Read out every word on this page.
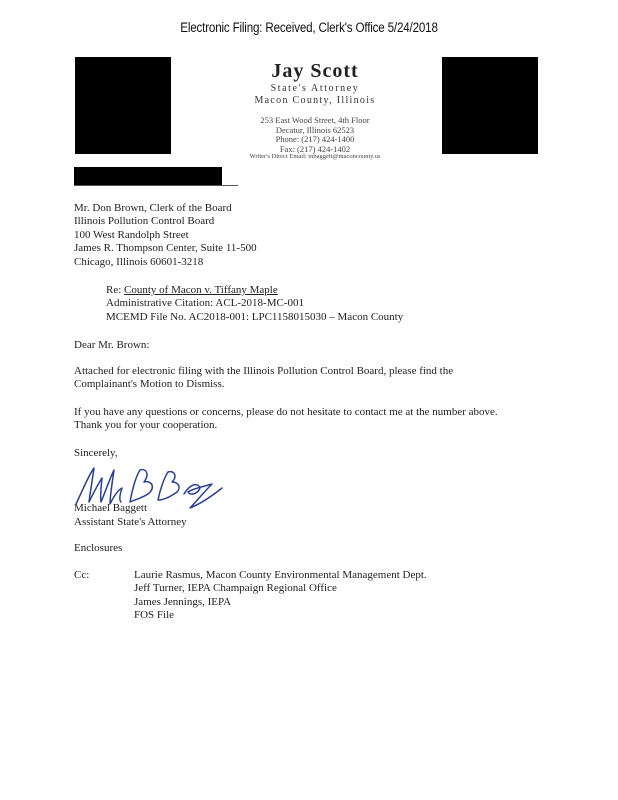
Electronic Filing: Received, Clerk's Office 5/24/2018
Jay Scott
State's Attorney
Macon County, Illinois
253 East Wood Street, 4th Floor
Decatur, Illinois 62523
Phone: (217) 424-1400
Fax: (217) 424-1402
Writer's Direct Email: mbaggett@maconcounty.us
Mr. Don Brown, Clerk of the Board
Illinois Pollution Control Board
100 West Randolph Street
James R. Thompson Center, Suite 11-500
Chicago, Illinois 60601-3218
Re: County of Macon v. Tiffany Maple
Administrative Citation: ACL-2018-MC-001
MCEMD File No. AC2018-001: LPC1158015030 – Macon County
Dear Mr. Brown:
Attached for electronic filing with the Illinois Pollution Control Board, please find the
Complainant's Motion to Dismiss.
If you have any questions or concerns, please do not hesitate to contact me at the number above.
Thank you for your cooperation.
Sincerely,
Michael Baggett
Assistant State's Attorney
Enclosures
Cc:	Laurie Rasmus, Macon County Environmental Management Dept.
Jeff Turner, IEPA Champaign Regional Office
James Jennings, IEPA
FOS File
